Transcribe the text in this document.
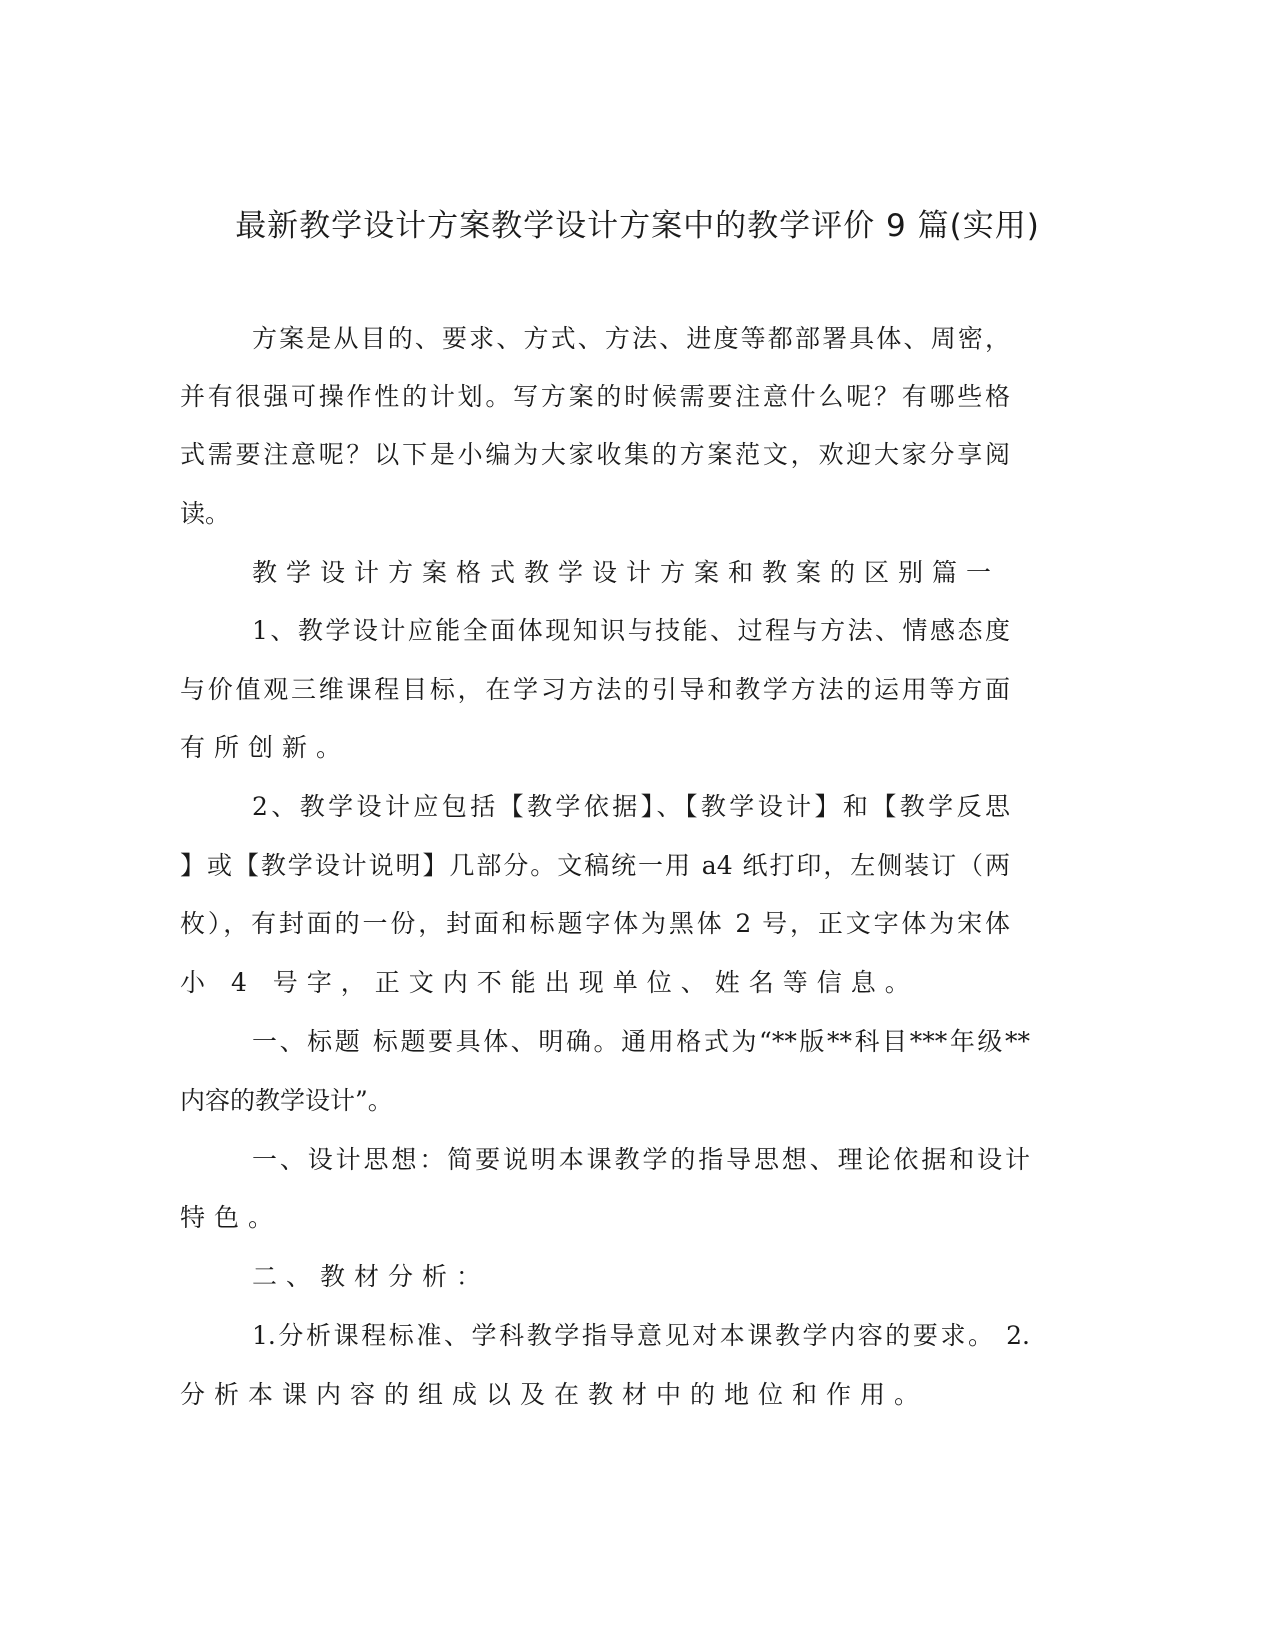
最新教学设计方案教学设计方案中的教学评价 9 篇(实用)
方案是从目的、要求、方式、方法、进度等都部署具体、周密，
并有很强可操作性的计划。写方案的时候需要注意什么呢？有哪些格
式需要注意呢？以下是小编为大家收集的方案范文，欢迎大家分享阅
读。
教学设计方案格式教学设计方案和教案的区别篇一
1、教学设计应能全面体现知识与技能、过程与方法、情感态度
与价值观三维课程目标，在学习方法的引导和教学方法的运用等方面
有所创新。
2、教学设计应包括【教学依据】、【教学设计】和【教学反思
】或【教学设计说明】几部分。文稿统一用 a4 纸打印，左侧装订（两
枚），有封面的一份，封面和标题字体为黑体 2 号，正文字体为宋体
小 4 号字，正文内不能出现单位、姓名等信息。
一、标题 标题要具体、明确。通用格式为“**版**科目***年级**
内容的教学设计”。
一、设计思想：简要说明本课教学的指导思想、理论依据和设计
特色。
二、教材分析：
1.分析课程标准、学科教学指导意见对本课教学内容的要求。 2.
分析本课内容的组成以及在教材中的地位和作用。
